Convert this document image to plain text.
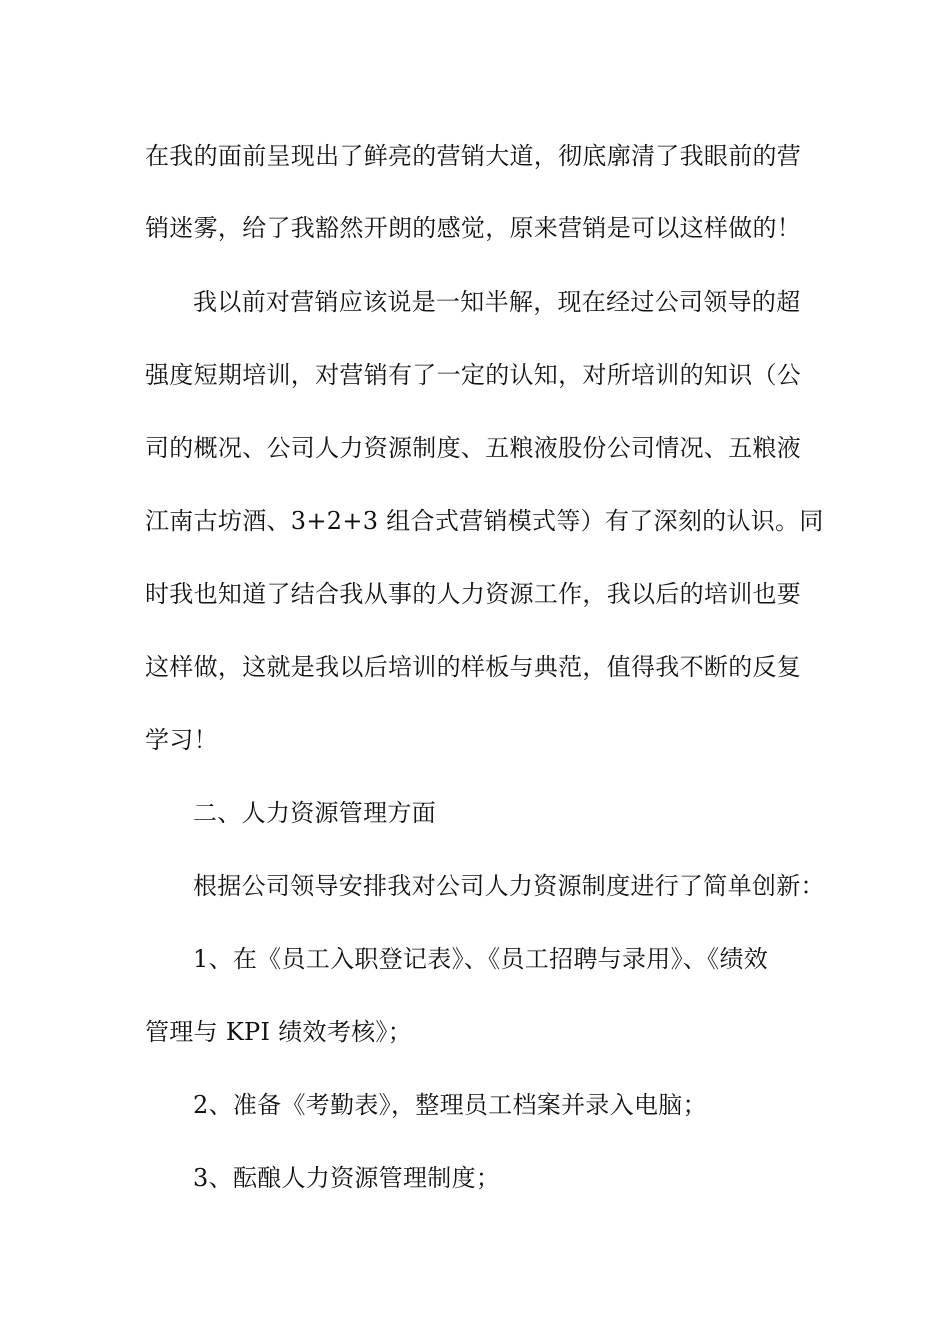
在我的面前呈现出了鲜亮的营销大道，彻底廓清了我眼前的营
销迷雾，给了我豁然开朗的感觉，原来营销是可以这样做的！
我以前对营销应该说是一知半解，现在经过公司领导的超
强度短期培训，对营销有了一定的认知，对所培训的知识（公
司的概况、公司人力资源制度、五粮液股份公司情况、五粮液
江南古坊酒、3+2+3 组合式营销模式等）有了深刻的认识。同
时我也知道了结合我从事的人力资源工作，我以后的培训也要
这样做，这就是我以后培训的样板与典范，值得我不断的反复
学习！
二、人力资源管理方面
根据公司领导安排我对公司人力资源制度进行了简单创新：
1、在《员工入职登记表》、《员工招聘与录用》、《绩效
管理与 KPI 绩效考核》；
2、准备《考勤表》，整理员工档案并录入电脑；
3、酝酿人力资源管理制度；
